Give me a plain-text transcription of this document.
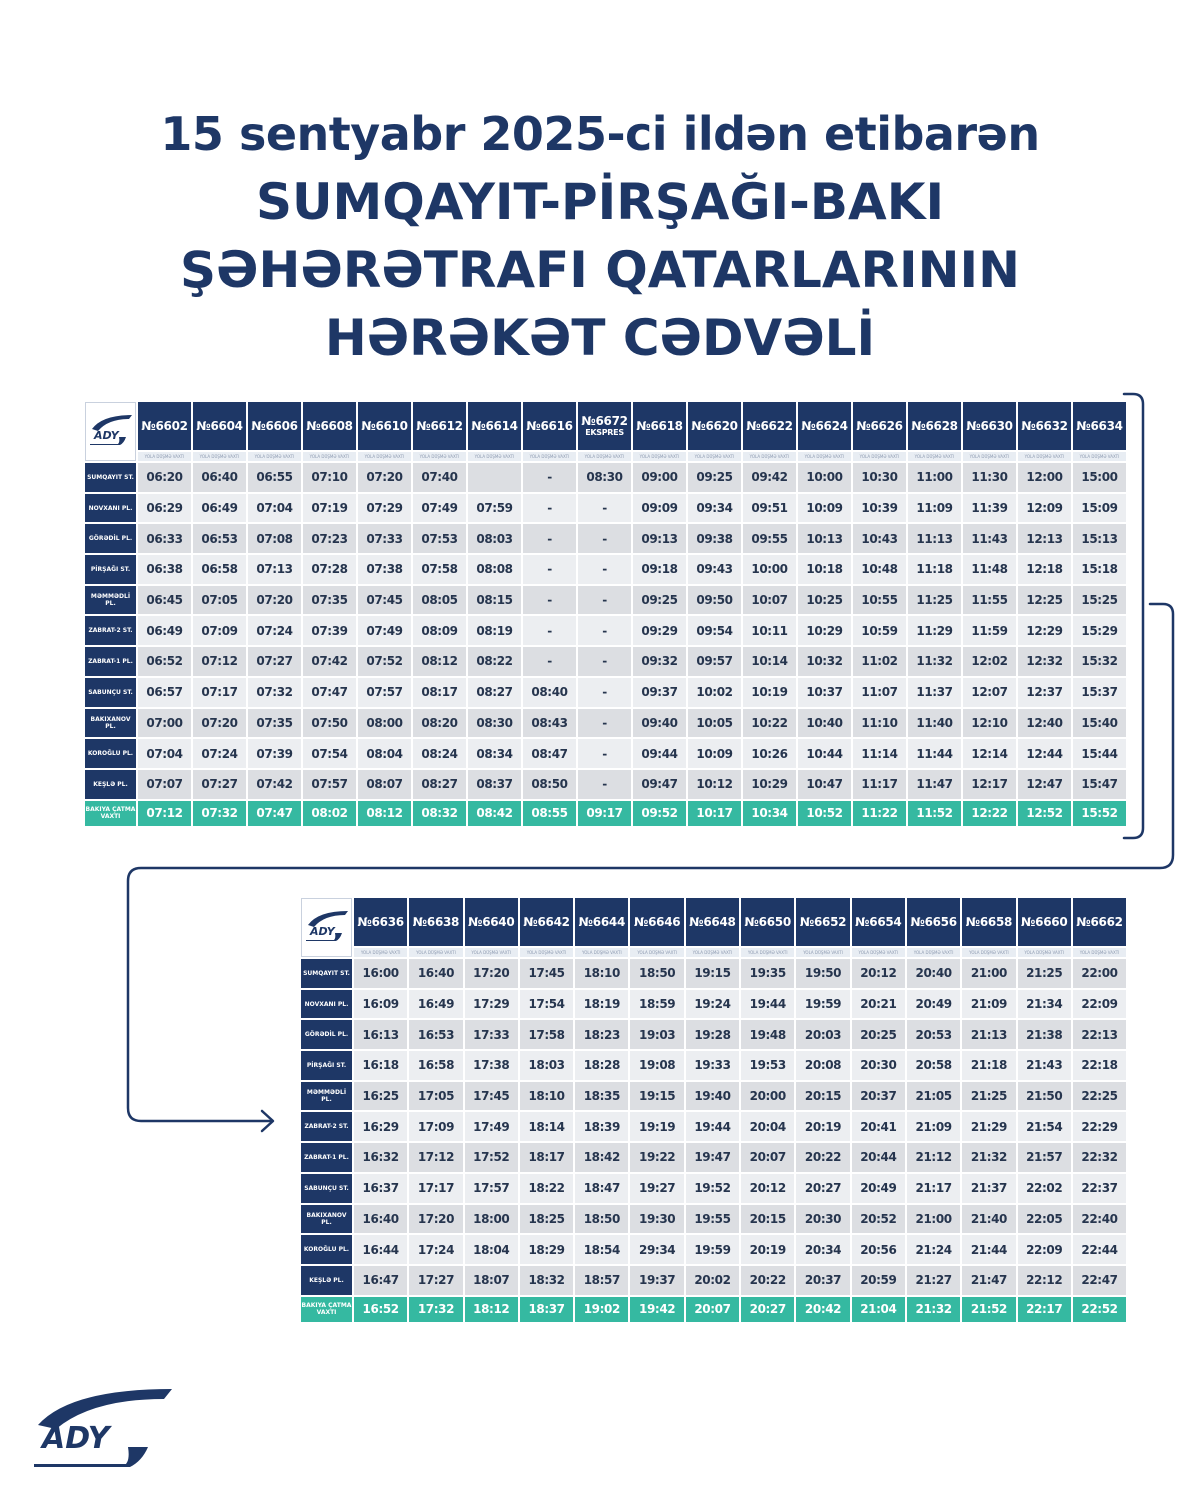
15 sentyabr 2025-ci ildən etibarən
SUMQAYIT-PİRŞAĞI-BAKI
ŞƏHƏRƏTRAFI QATARLARININ
HƏRƏKƏT CƏDVƏLİ
ADY	№6602	№6604	№6606	№6608	№6610	№6612	№6614	№6616	№6672
EKSPRES	№6618	№6620	№6622	№6624	№6626	№6628	№6630	№6632	№6634
	YOLA DÜŞMƏ VAXTI	YOLA DÜŞMƏ VAXTI	YOLA DÜŞMƏ VAXTI	YOLA DÜŞMƏ VAXTI	YOLA DÜŞMƏ VAXTI	YOLA DÜŞMƏ VAXTI	YOLA DÜŞMƏ VAXTI	YOLA DÜŞMƏ VAXTI	YOLA DÜŞMƏ VAXTI	YOLA DÜŞMƏ VAXTI	YOLA DÜŞMƏ VAXTI	YOLA DÜŞMƏ VAXTI	YOLA DÜŞMƏ VAXTI	YOLA DÜŞMƏ VAXTI	YOLA DÜŞMƏ VAXTI	YOLA DÜŞMƏ VAXTI	YOLA DÜŞMƏ VAXTI	YOLA DÜŞMƏ VAXTI
SUMQAYIT ST.	06:20	06:40	06:55	07:10	07:20	07:40		-	08:30	09:00	09:25	09:42	10:00	10:30	11:00	11:30	12:00	15:00
NOVXANI PL.	06:29	06:49	07:04	07:19	07:29	07:49	07:59	-	-	09:09	09:34	09:51	10:09	10:39	11:09	11:39	12:09	15:09
GÖRƏDİL PL.	06:33	06:53	07:08	07:23	07:33	07:53	08:03	-	-	09:13	09:38	09:55	10:13	10:43	11:13	11:43	12:13	15:13
PİRŞAĞI ST.	06:38	06:58	07:13	07:28	07:38	07:58	08:08	-	-	09:18	09:43	10:00	10:18	10:48	11:18	11:48	12:18	15:18
MƏMMƏDLİ PL.	06:45	07:05	07:20	07:35	07:45	08:05	08:15	-	-	09:25	09:50	10:07	10:25	10:55	11:25	11:55	12:25	15:25
ZABRAT-2 ST.	06:49	07:09	07:24	07:39	07:49	08:09	08:19	-	-	09:29	09:54	10:11	10:29	10:59	11:29	11:59	12:29	15:29
ZABRAT-1 PL.	06:52	07:12	07:27	07:42	07:52	08:12	08:22	-	-	09:32	09:57	10:14	10:32	11:02	11:32	12:02	12:32	15:32
SABUNÇU ST.	06:57	07:17	07:32	07:47	07:57	08:17	08:27	08:40	-	09:37	10:02	10:19	10:37	11:07	11:37	12:07	12:37	15:37
BAKIXANOV PL.	07:00	07:20	07:35	07:50	08:00	08:20	08:30	08:43	-	09:40	10:05	10:22	10:40	11:10	11:40	12:10	12:40	15:40
KOROĞLU PL.	07:04	07:24	07:39	07:54	08:04	08:24	08:34	08:47	-	09:44	10:09	10:26	10:44	11:14	11:44	12:14	12:44	15:44
KEŞLƏ PL.	07:07	07:27	07:42	07:57	08:07	08:27	08:37	08:50	-	09:47	10:12	10:29	10:47	11:17	11:47	12:17	12:47	15:47
BAKIYA ÇATMA VAXTI	07:12	07:32	07:47	08:02	08:12	08:32	08:42	08:55	09:17	09:52	10:17	10:34	10:52	11:22	11:52	12:22	12:52	15:52
ADY	№6636	№6638	№6640	№6642	№6644	№6646	№6648	№6650	№6652	№6654	№6656	№6658	№6660	№6662
	YOLA DÜŞMƏ VAXTI	YOLA DÜŞMƏ VAXTI	YOLA DÜŞMƏ VAXTI	YOLA DÜŞMƏ VAXTI	YOLA DÜŞMƏ VAXTI	YOLA DÜŞMƏ VAXTI	YOLA DÜŞMƏ VAXTI	YOLA DÜŞMƏ VAXTI	YOLA DÜŞMƏ VAXTI	YOLA DÜŞMƏ VAXTI	YOLA DÜŞMƏ VAXTI	YOLA DÜŞMƏ VAXTI	YOLA DÜŞMƏ VAXTI	YOLA DÜŞMƏ VAXTI
SUMQAYIT ST.	16:00	16:40	17:20	17:45	18:10	18:50	19:15	19:35	19:50	20:12	20:40	21:00	21:25	22:00
NOVXANI PL.	16:09	16:49	17:29	17:54	18:19	18:59	19:24	19:44	19:59	20:21	20:49	21:09	21:34	22:09
GÖRƏDİL PL.	16:13	16:53	17:33	17:58	18:23	19:03	19:28	19:48	20:03	20:25	20:53	21:13	21:38	22:13
PİRŞAĞI ST.	16:18	16:58	17:38	18:03	18:28	19:08	19:33	19:53	20:08	20:30	20:58	21:18	21:43	22:18
MƏMMƏDLİ PL.	16:25	17:05	17:45	18:10	18:35	19:15	19:40	20:00	20:15	20:37	21:05	21:25	21:50	22:25
ZABRAT-2 ST.	16:29	17:09	17:49	18:14	18:39	19:19	19:44	20:04	20:19	20:41	21:09	21:29	21:54	22:29
ZABRAT-1 PL.	16:32	17:12	17:52	18:17	18:42	19:22	19:47	20:07	20:22	20:44	21:12	21:32	21:57	22:32
SABUNÇU ST.	16:37	17:17	17:57	18:22	18:47	19:27	19:52	20:12	20:27	20:49	21:17	21:37	22:02	22:37
BAKIXANOV PL.	16:40	17:20	18:00	18:25	18:50	19:30	19:55	20:15	20:30	20:52	21:00	21:40	22:05	22:40
KOROĞLU PL.	16:44	17:24	18:04	18:29	18:54	29:34	19:59	20:19	20:34	20:56	21:24	21:44	22:09	22:44
KEŞLƏ PL.	16:47	17:27	18:07	18:32	18:57	19:37	20:02	20:22	20:37	20:59	21:27	21:47	22:12	22:47
BAKIYA ÇATMA VAXTI	16:52	17:32	18:12	18:37	19:02	19:42	20:07	20:27	20:42	21:04	21:32	21:52	22:17	22:52
ADY
